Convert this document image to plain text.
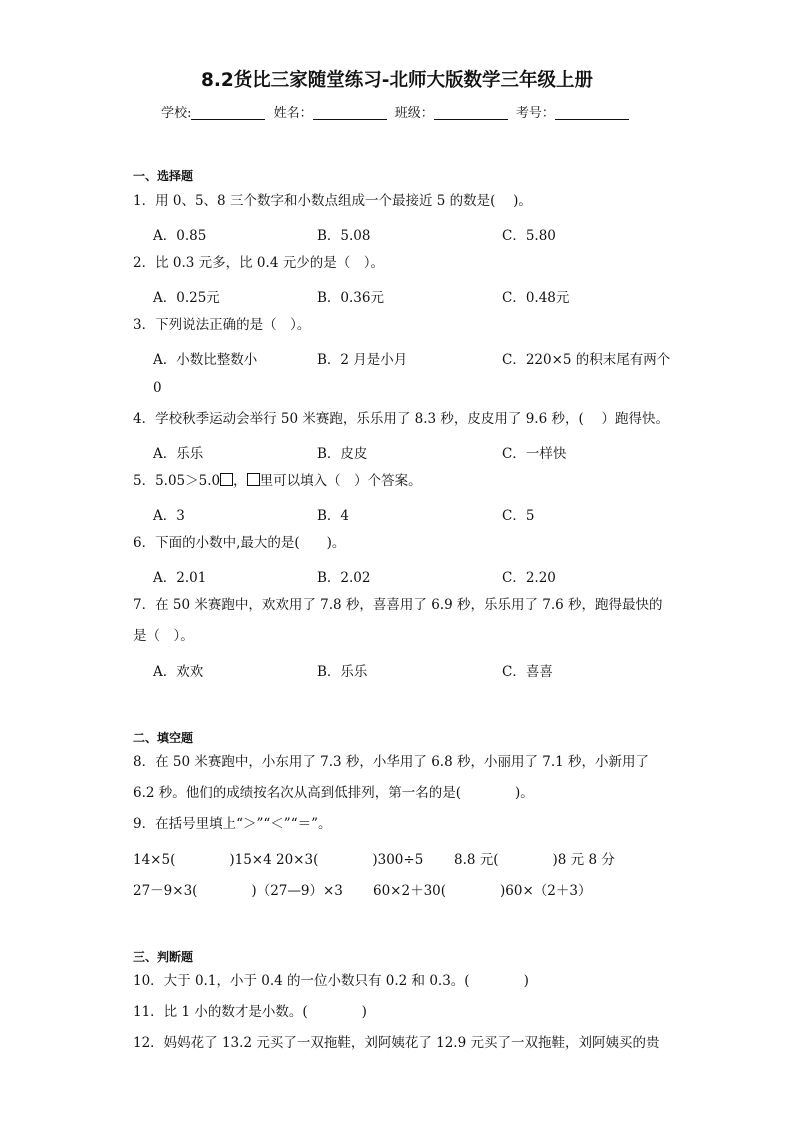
8.2货比三家随堂练习-北师大版数学三年级上册
学校:	姓名：	班级：	考号：
一、选择题
1．用 0、5、8 三个数字和小数点组成一个最接近 5 的数是(　 )。
A．0.85	B．5.08	C．5.80
2．比 0.3 元多，比 0.4 元少的是（　）。
A．0.25元	B．0.36元	C．0.48元
3．下列说法正确的是（　）。
A．小数比整数小	B．2 月是小月	C．220×5 的积末尾有两个
0
4．学校秋季运动会举行 50 米赛跑，乐乐用了 8.3 秒，皮皮用了 9.6 秒，(　 ）跑得快。
A．乐乐	B．皮皮	C．一样快
5．5.05＞5.0 ， 里可以填入（　）个答案。
A．3	B．4	C．5
6．下面的小数中,最大的是(　　)。
A．2.01	B．2.02	C．2.20
7．在 50 米赛跑中，欢欢用了 7.8 秒，喜喜用了 6.9 秒，乐乐用了 7.6 秒，跑得最快的是（　）。
A．欢欢	B．乐乐	C．喜喜
二、填空题
8．在 50 米赛跑中，小东用了 7.3 秒，小华用了 6.8 秒，小丽用了 7.1 秒，小新用了 6.2 秒。他们的成绩按名次从高到低排列，第一名的是(　　　　)。
9．在括号里填上“＞”“＜”“＝”。
14×5(　　　　)15×4 20×3(　　　　)300÷5 8.8 元(　　　　)8 元 8 分
27－9×3(　　　　)（27—9）×3 60×2＋30(　　　　)60×（2＋3）
三、判断题
10．大于 0.1，小于 0.4 的一位小数只有 0.2 和 0.3。(　　　　)
11．比 1 小的数才是小数。(　　　　)
12．妈妈花了 13.2 元买了一双拖鞋，刘阿姨花了 12.9 元买了一双拖鞋，刘阿姨买的贵
